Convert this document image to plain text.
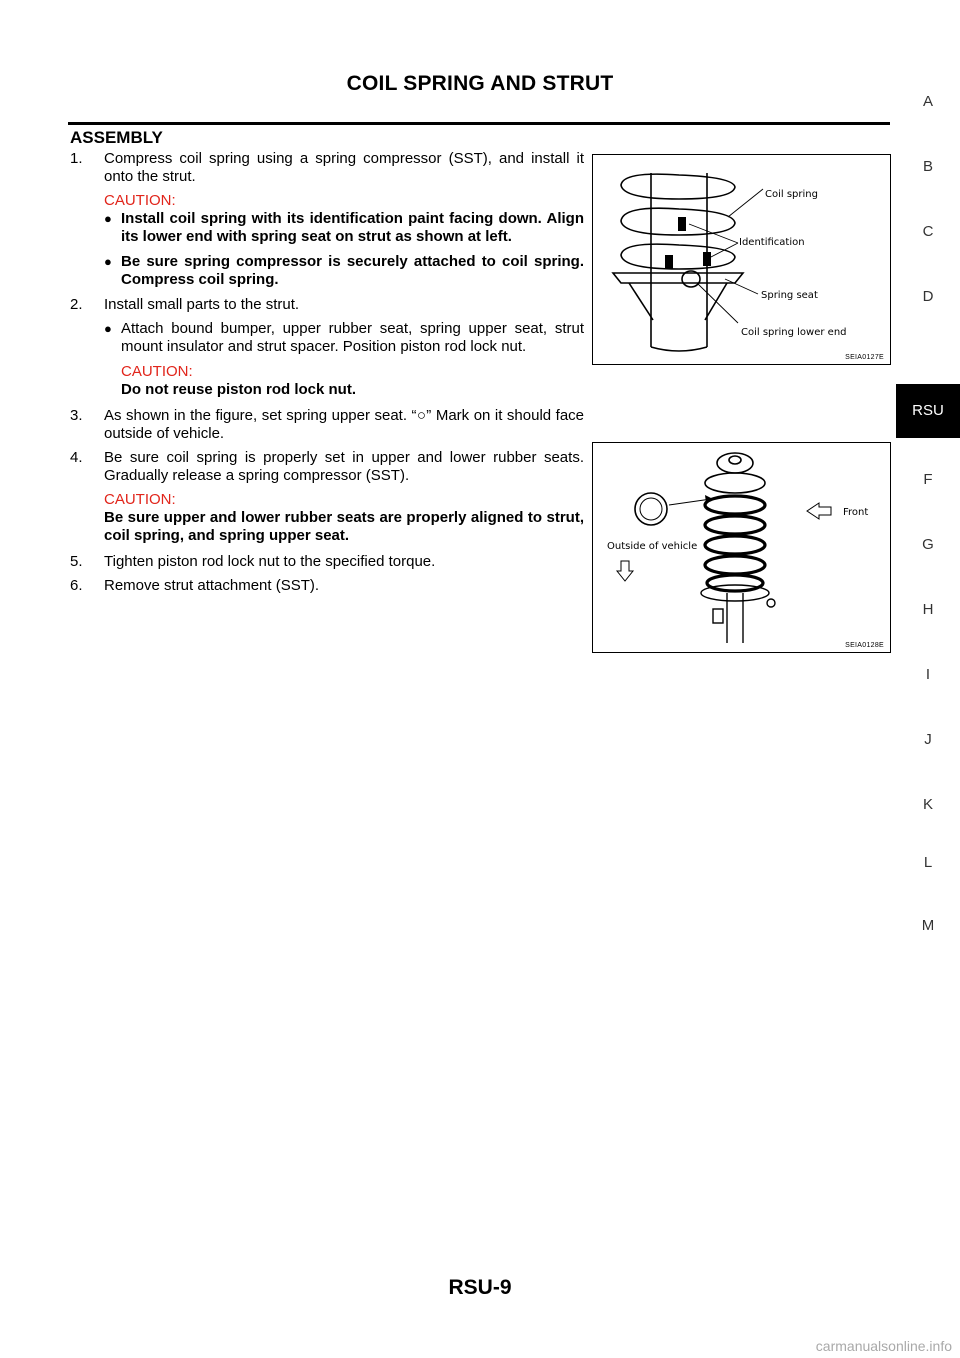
COIL SPRING AND STRUT
ASSEMBLY
1. Compress coil spring using a spring compressor (SST), and install it onto the strut.
CAUTION:
● Install coil spring with its identification paint facing down. Align its lower end with spring seat on strut as shown at left.
● Be sure spring compressor is securely attached to coil spring. Compress coil spring.
2. Install small parts to the strut.
● Attach bound bumper, upper rubber seat, spring upper seat, strut mount insulator and strut spacer. Position piston rod lock nut.
CAUTION:
Do not reuse piston rod lock nut.
3. As shown in the figure, set spring upper seat. “○” Mark on it should face outside of vehicle.
4. Be sure coil spring is properly set in upper and lower rubber seats. Gradually release a spring compressor (SST).
CAUTION:
Be sure upper and lower rubber seats are properly aligned to strut, coil spring, and spring upper seat.
5. Tighten piston rod lock nut to the specified torque.
6. Remove strut attachment (SST).
Coil spring
Identification
Spring seat
Coil spring lower end
SEIA0127E
Front
Outside of vehicle
SEIA0128E
A
B
C
D
RSU
F
G
H
I
J
K
L
M
RSU-9
carmanualsonline.info
